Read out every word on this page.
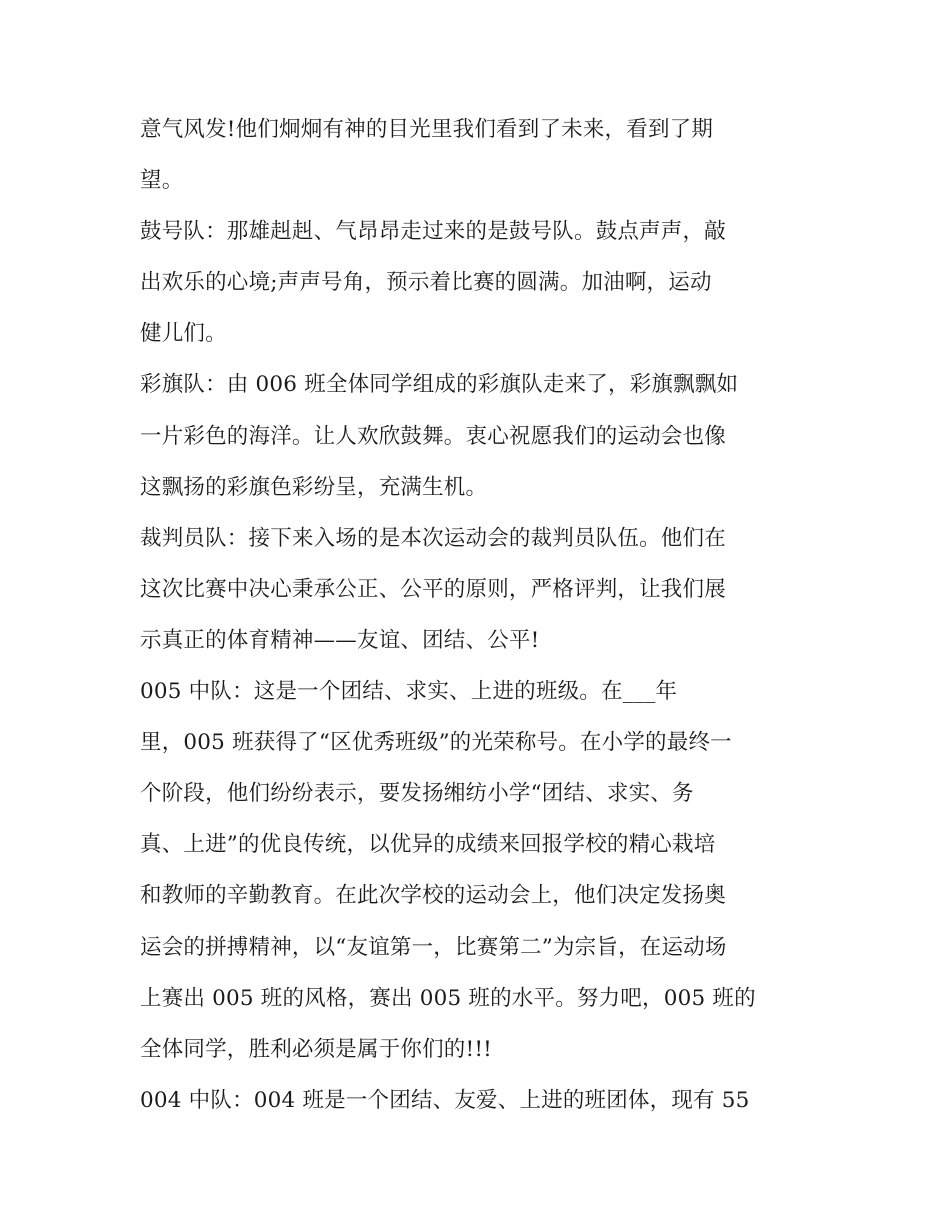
意气风发!他们炯炯有神的目光里我们看到了未来，看到了期
望。
鼓号队：那雄赳赳、气昂昂走过来的是鼓号队。鼓点声声，敲
出欢乐的心境;声声号角，预示着比赛的圆满。加油啊，运动
健儿们。
彩旗队：由 006 班全体同学组成的彩旗队走来了，彩旗飘飘如
一片彩色的海洋。让人欢欣鼓舞。衷心祝愿我们的运动会也像
这飘扬的彩旗色彩纷呈，充满生机。
裁判员队：接下来入场的是本次运动会的裁判员队伍。他们在
这次比赛中决心秉承公正、公平的原则，严格评判，让我们展
示真正的体育精神——友谊、团结、公平!
005 中队：这是一个团结、求实、上进的班级。在___年
里，005 班获得了“区优秀班级”的光荣称号。在小学的最终一
个阶段，他们纷纷表示，要发扬缃纺小学“团结、求实、务
真、上进”的优良传统，以优异的成绩来回报学校的精心栽培
和教师的辛勤教育。在此次学校的运动会上，他们决定发扬奥
运会的拼搏精神，以“友谊第一，比赛第二”为宗旨，在运动场
上赛出 005 班的风格，赛出 005 班的水平。努力吧，005 班的
全体同学，胜利必须是属于你们的!!!
004 中队：004 班是一个团结、友爱、上进的班团体，现有 55
